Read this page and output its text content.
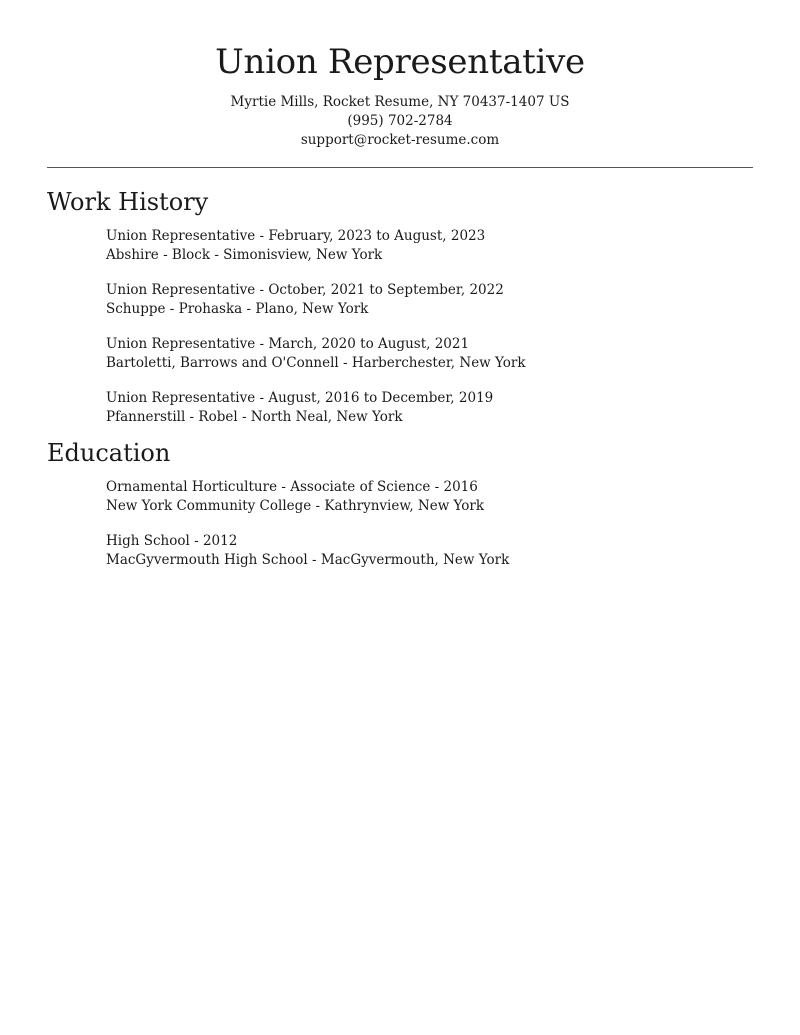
Union Representative
Myrtie Mills, Rocket Resume, NY 70437-1407 US
(995) 702-2784
support@rocket-resume.com
Work History
Union Representative - February, 2023 to August, 2023
Abshire - Block - Simonisview, New York
Union Representative - October, 2021 to September, 2022
Schuppe - Prohaska - Plano, New York
Union Representative - March, 2020 to August, 2021
Bartoletti, Barrows and O'Connell - Harberchester, New York
Union Representative - August, 2016 to December, 2019
Pfannerstill - Robel - North Neal, New York
Education
Ornamental Horticulture - Associate of Science - 2016
New York Community College - Kathrynview, New York
High School - 2012
MacGyvermouth High School - MacGyvermouth, New York
